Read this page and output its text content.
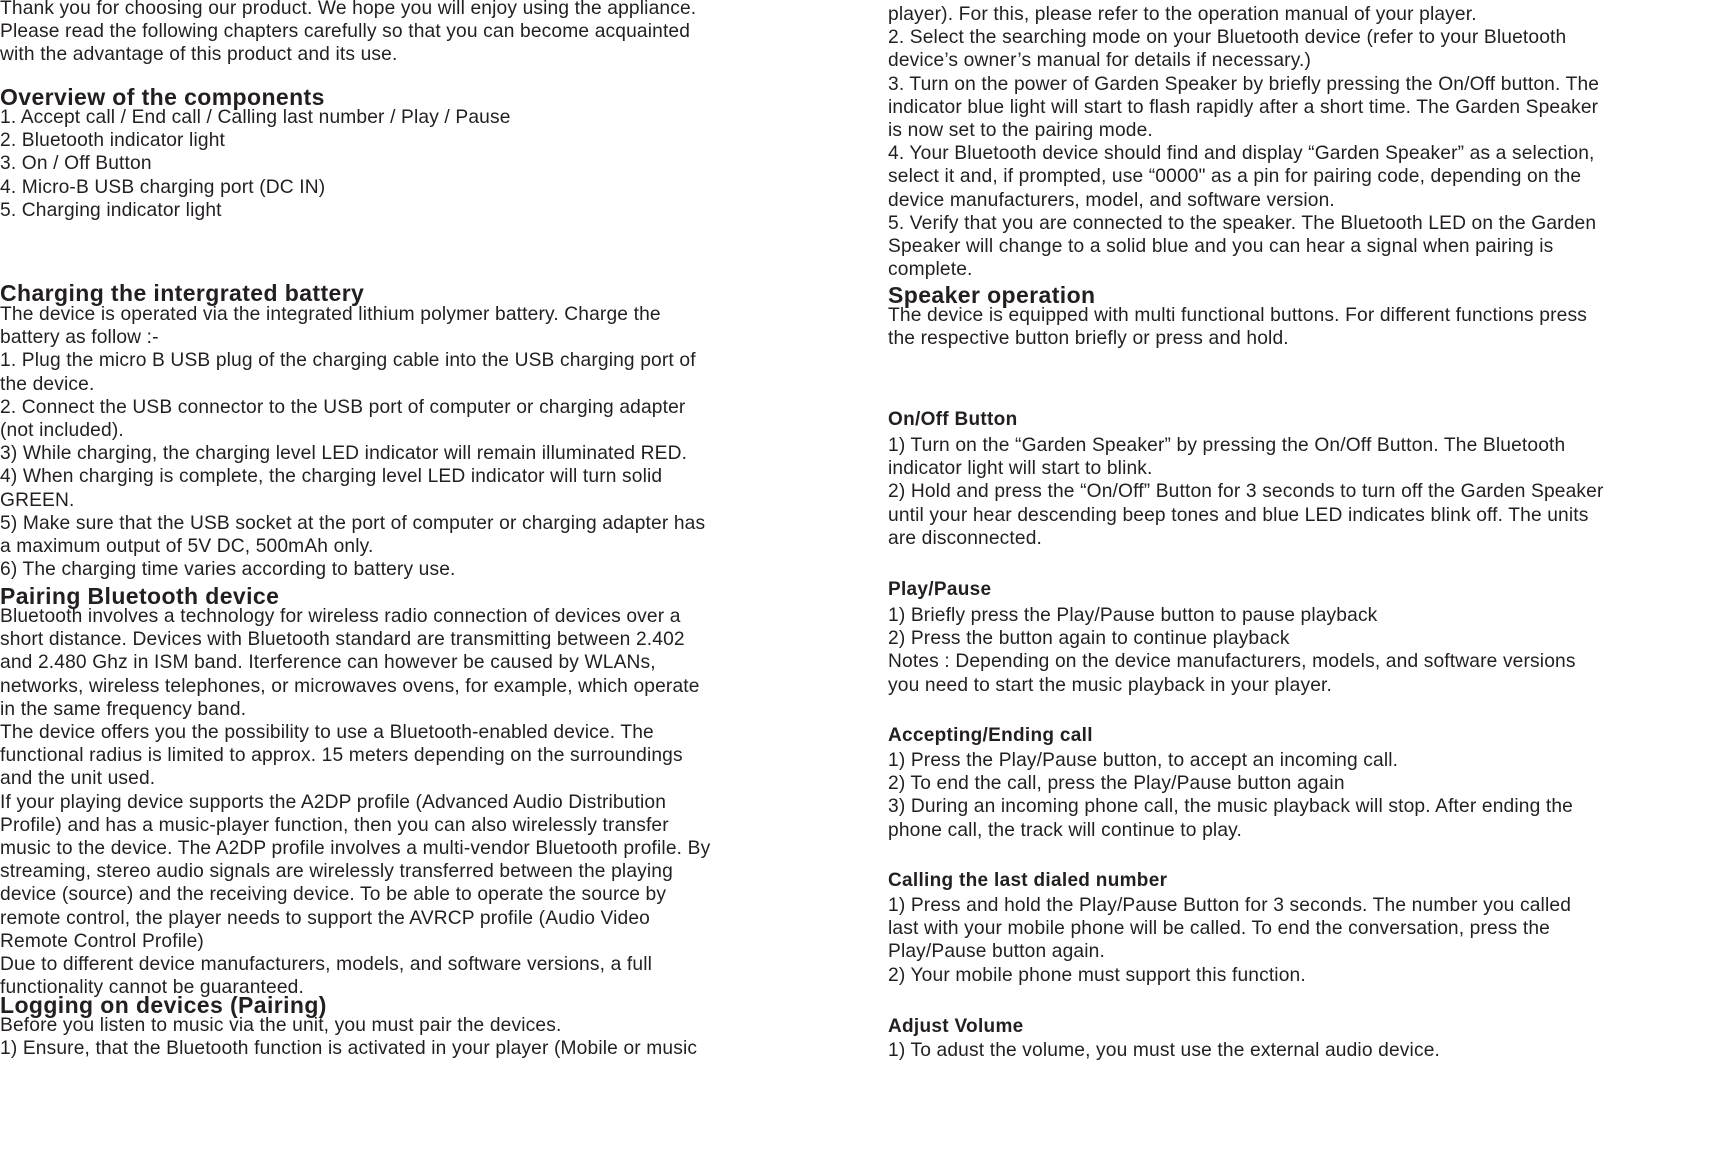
Thank you for choosing our product. We hope you will enjoy using the appliance.
Please read the following chapters carefully so that you can become acquainted
with the advantage of this product and its use.
Overview of the components
1. Accept call / End call / Calling last number / Play / Pause
2. Bluetooth indicator light
3. On / Off Button
4. Micro-B USB charging port (DC IN)
5. Charging indicator light
Charging the intergrated battery
The device is operated via the integrated lithium polymer battery. Charge the
battery as follow :-
1. Plug the micro B USB plug of the charging cable into the USB charging port of
the device.
2. Connect the USB connector to the USB port of computer or charging adapter
(not included).
3) While charging, the charging level LED indicator will remain illuminated RED.
4) When charging is complete, the charging level LED indicator will turn solid
GREEN.
5) Make sure that the USB socket at the port of computer or charging adapter has
a maximum output of 5V DC, 500mAh only.
6) The charging time varies according to battery use.
Pairing Bluetooth device
Bluetooth involves a technology for wireless radio connection of devices over a
short distance. Devices with Bluetooth standard are transmitting between 2.402
and 2.480 Ghz in ISM band. Iterference can however be caused by WLANs,
networks, wireless telephones, or microwaves ovens, for example, which operate
in the same frequency band.
The device offers you the possibility to use a Bluetooth-enabled device. The
functional radius is limited to approx. 15 meters depending on the surroundings
and the unit used.
If your playing device supports the A2DP profile (Advanced Audio Distribution
Profile) and has a music-player function, then you can also wirelessly transfer
music to the device. The A2DP profile involves a multi-vendor Bluetooth profile. By
streaming, stereo audio signals are wirelessly transferred between the playing
device (source) and the receiving device. To be able to operate the source by
remote control, the player needs to support the AVRCP profile (Audio Video
Remote Control Profile)
Due to different device manufacturers, models, and software versions, a full
functionality cannot be guaranteed.
Logging on devices (Pairing)
Before you listen to music via the unit, you must pair the devices.
1) Ensure, that the Bluetooth function is activated in your player (Mobile or music
player). For this, please refer to the operation manual of your player.
2. Select the searching mode on your Bluetooth device (refer to your Bluetooth
device’s owner’s manual for details if necessary.)
3. Turn on the power of Garden Speaker by briefly pressing the On/Off button. The
indicator blue light will start to flash rapidly after a short time. The Garden Speaker
is now set to the pairing mode.
4. Your Bluetooth device should find and display “Garden Speaker” as a selection,
select it and, if prompted, use “0000" as a pin for pairing code, depending on the
device manufacturers, model, and software version.
5. Verify that you are connected to the speaker. The Bluetooth LED on the Garden
Speaker will change to a solid blue and you can hear a signal when pairing is
complete.
Speaker operation
The device is equipped with multi functional buttons. For different functions press
the respective button briefly or press and hold.
On/Off Button
1) Turn on the “Garden Speaker” by pressing the On/Off Button. The Bluetooth
indicator light will start to blink.
2) Hold and press the “On/Off” Button for 3 seconds to turn off the Garden Speaker
until your hear descending beep tones and blue LED indicates blink off. The units
are disconnected.
Play/Pause
1) Briefly press the Play/Pause button to pause playback
2) Press the button again to continue playback
Notes : Depending on the device manufacturers, models, and software versions
you need to start the music playback in your player.
Accepting/Ending call
1) Press the Play/Pause button, to accept an incoming call.
2) To end the call, press the Play/Pause button again
3) During an incoming phone call, the music playback will stop. After ending the
phone call, the track will continue to play.
Calling the last dialed number
1) Press and hold the Play/Pause Button for 3 seconds. The number you called
last with your mobile phone will be called. To end the conversation, press the
Play/Pause button again.
2) Your mobile phone must support this function.
Adjust Volume
1) To adust the volume, you must use the external audio device.
